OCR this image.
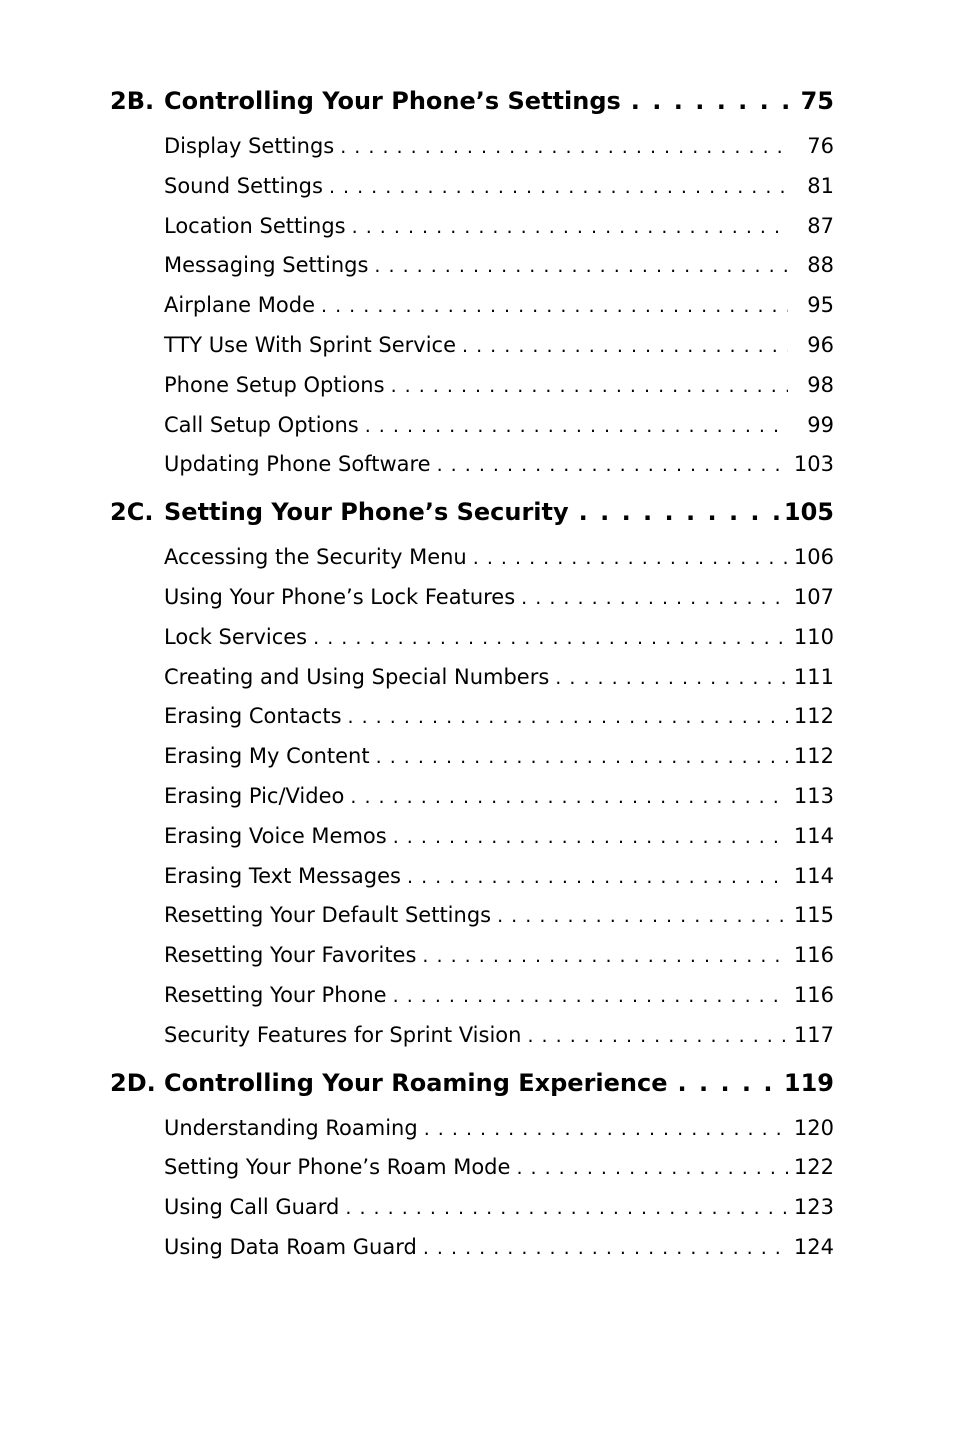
2B. Controlling Your Phone’s Settings . . .	75
Display Settings . . .	76
Sound Settings . . .	81
Location Settings . . .	87
Messaging Settings . . .	88
Airplane Mode . . .	95
TTY Use With Sprint Service . . .	96
Phone Setup Options . . .	98
Call Setup Options . . .	99
Updating Phone Software . . .	103
2C. Setting Your Phone’s Security . . .	105
Accessing the Security Menu . . .	106
Using Your Phone’s Lock Features . . .	107
Lock Services . . .	110
Creating and Using Special Numbers . . .	111
Erasing Contacts . . .	112
Erasing My Content . . .	112
Erasing Pic/Video . . .	113
Erasing Voice Memos . . .	114
Erasing Text Messages . . .	114
Resetting Your Default Settings . . .	115
Resetting Your Favorites . . .	116
Resetting Your Phone . . .	116
Security Features for Sprint Vision . . .	117
2D. Controlling Your Roaming Experience . . .	119
Understanding Roaming . . .	120
Setting Your Phone’s Roam Mode . . .	122
Using Call Guard . . .	123
Using Data Roam Guard . . .	124
